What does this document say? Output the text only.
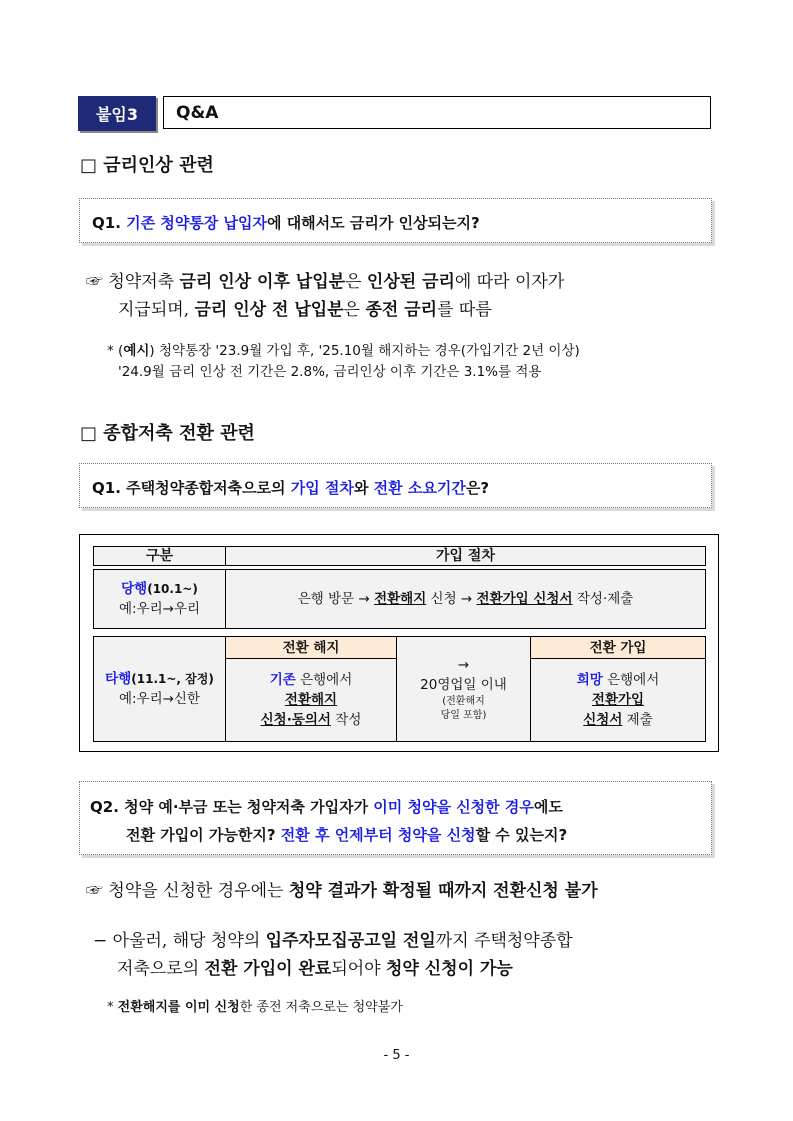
붙임3 Q&A
□ 금리인상 관련
Q1. 기존 청약통장 납입자에 대해서도 금리가 인상되는지?
☞ 청약저축 금리 인상 이후 납입분은 인상된 금리에 따라 이자가
지급되며, 금리 인상 전 납입분은 종전 금리를 따름
* (예시) 청약통장 '23.9월 가입 후, '25.10월 해지하는 경우(가입기간 2년 이상)
'24.9월 금리 인상 전 기간은 2.8%, 금리인상 이후 기간은 3.1%를 적용
□ 종합저축 전환 관련
Q1. 주택청약종합저축으로의 가입 절차와 전환 소요기간은?
구분	가입 절차
당행(10.1~)
예:우리→우리
은행 방문 → 전환해지 신청 → 전환가입 신청서 작성·제출
타행(11.1~, 잠정)
예:우리→신한
전환 해지
기존 은행에서
전환해지
신청·동의서 작성
→
20영업일 이내
(전환해지
당일 포함)
전환 가입
희망 은행에서
전환가입
신청서 제출
Q2. 청약 예·부금 또는 청약저축 가입자가 이미 청약을 신청한 경우에도
전환 가입이 가능한지? 전환 후 언제부터 청약을 신청할 수 있는지?
☞ 청약을 신청한 경우에는 청약 결과가 확정될 때까지 전환신청 불가
− 아울러, 해당 청약의 입주자모집공고일 전일까지 주택청약종합
저축으로의 전환 가입이 완료되어야 청약 신청이 가능
* 전환해지를 이미 신청한 종전 저축으로는 청약불가
- 5 -
